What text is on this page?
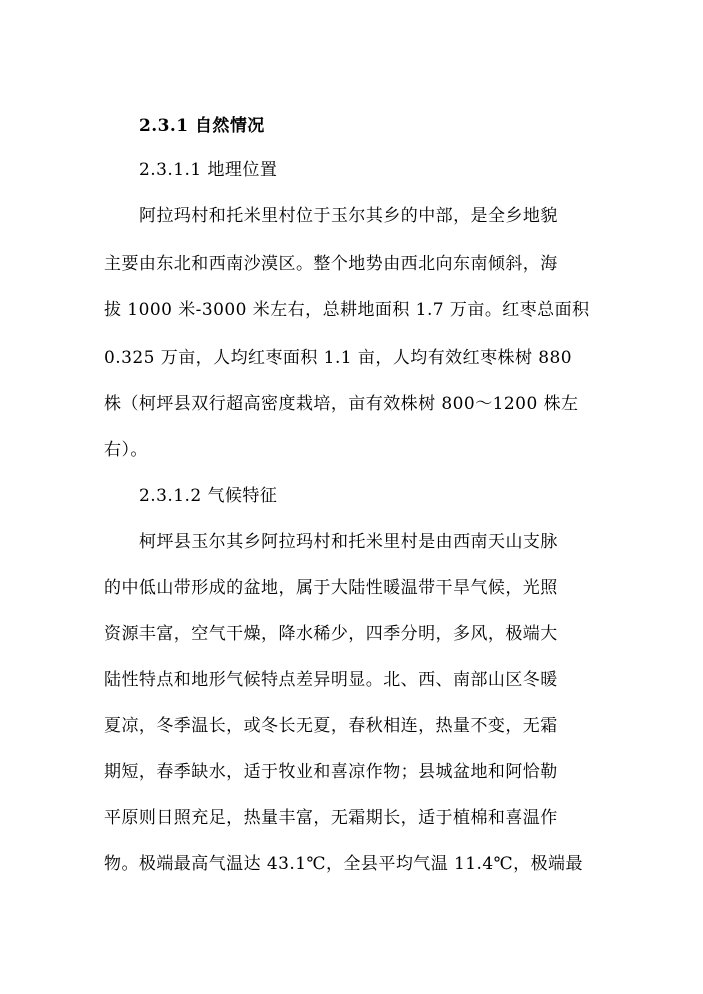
2.3.1 自然情况
2.3.1.1 地理位置
阿拉玛村和托米里村位于玉尔其乡的中部，是全乡地貌
主要由东北和西南沙漠区。整个地势由西北向东南倾斜，海
拔 1000 米-3000 米左右，总耕地面积 1.7 万亩。红枣总面积
0.325 万亩，人均红枣面积 1.1 亩，人均有效红枣株树 880
株（柯坪县双行超高密度栽培，亩有效株树 800～1200 株左
右）。
2.3.1.2 气候特征
柯坪县玉尔其乡阿拉玛村和托米里村是由西南天山支脉
的中低山带形成的盆地，属于大陆性暖温带干旱气候，光照
资源丰富，空气干燥，降水稀少，四季分明，多风，极端大
陆性特点和地形气候特点差异明显。北、西、南部山区冬暖
夏凉，冬季温长，或冬长无夏，春秋相连，热量不变，无霜
期短，春季缺水，适于牧业和喜凉作物；县城盆地和阿恰勒
平原则日照充足，热量丰富，无霜期长，适于植棉和喜温作
物。极端最高气温达 43.1℃，全县平均气温 11.4℃，极端最
